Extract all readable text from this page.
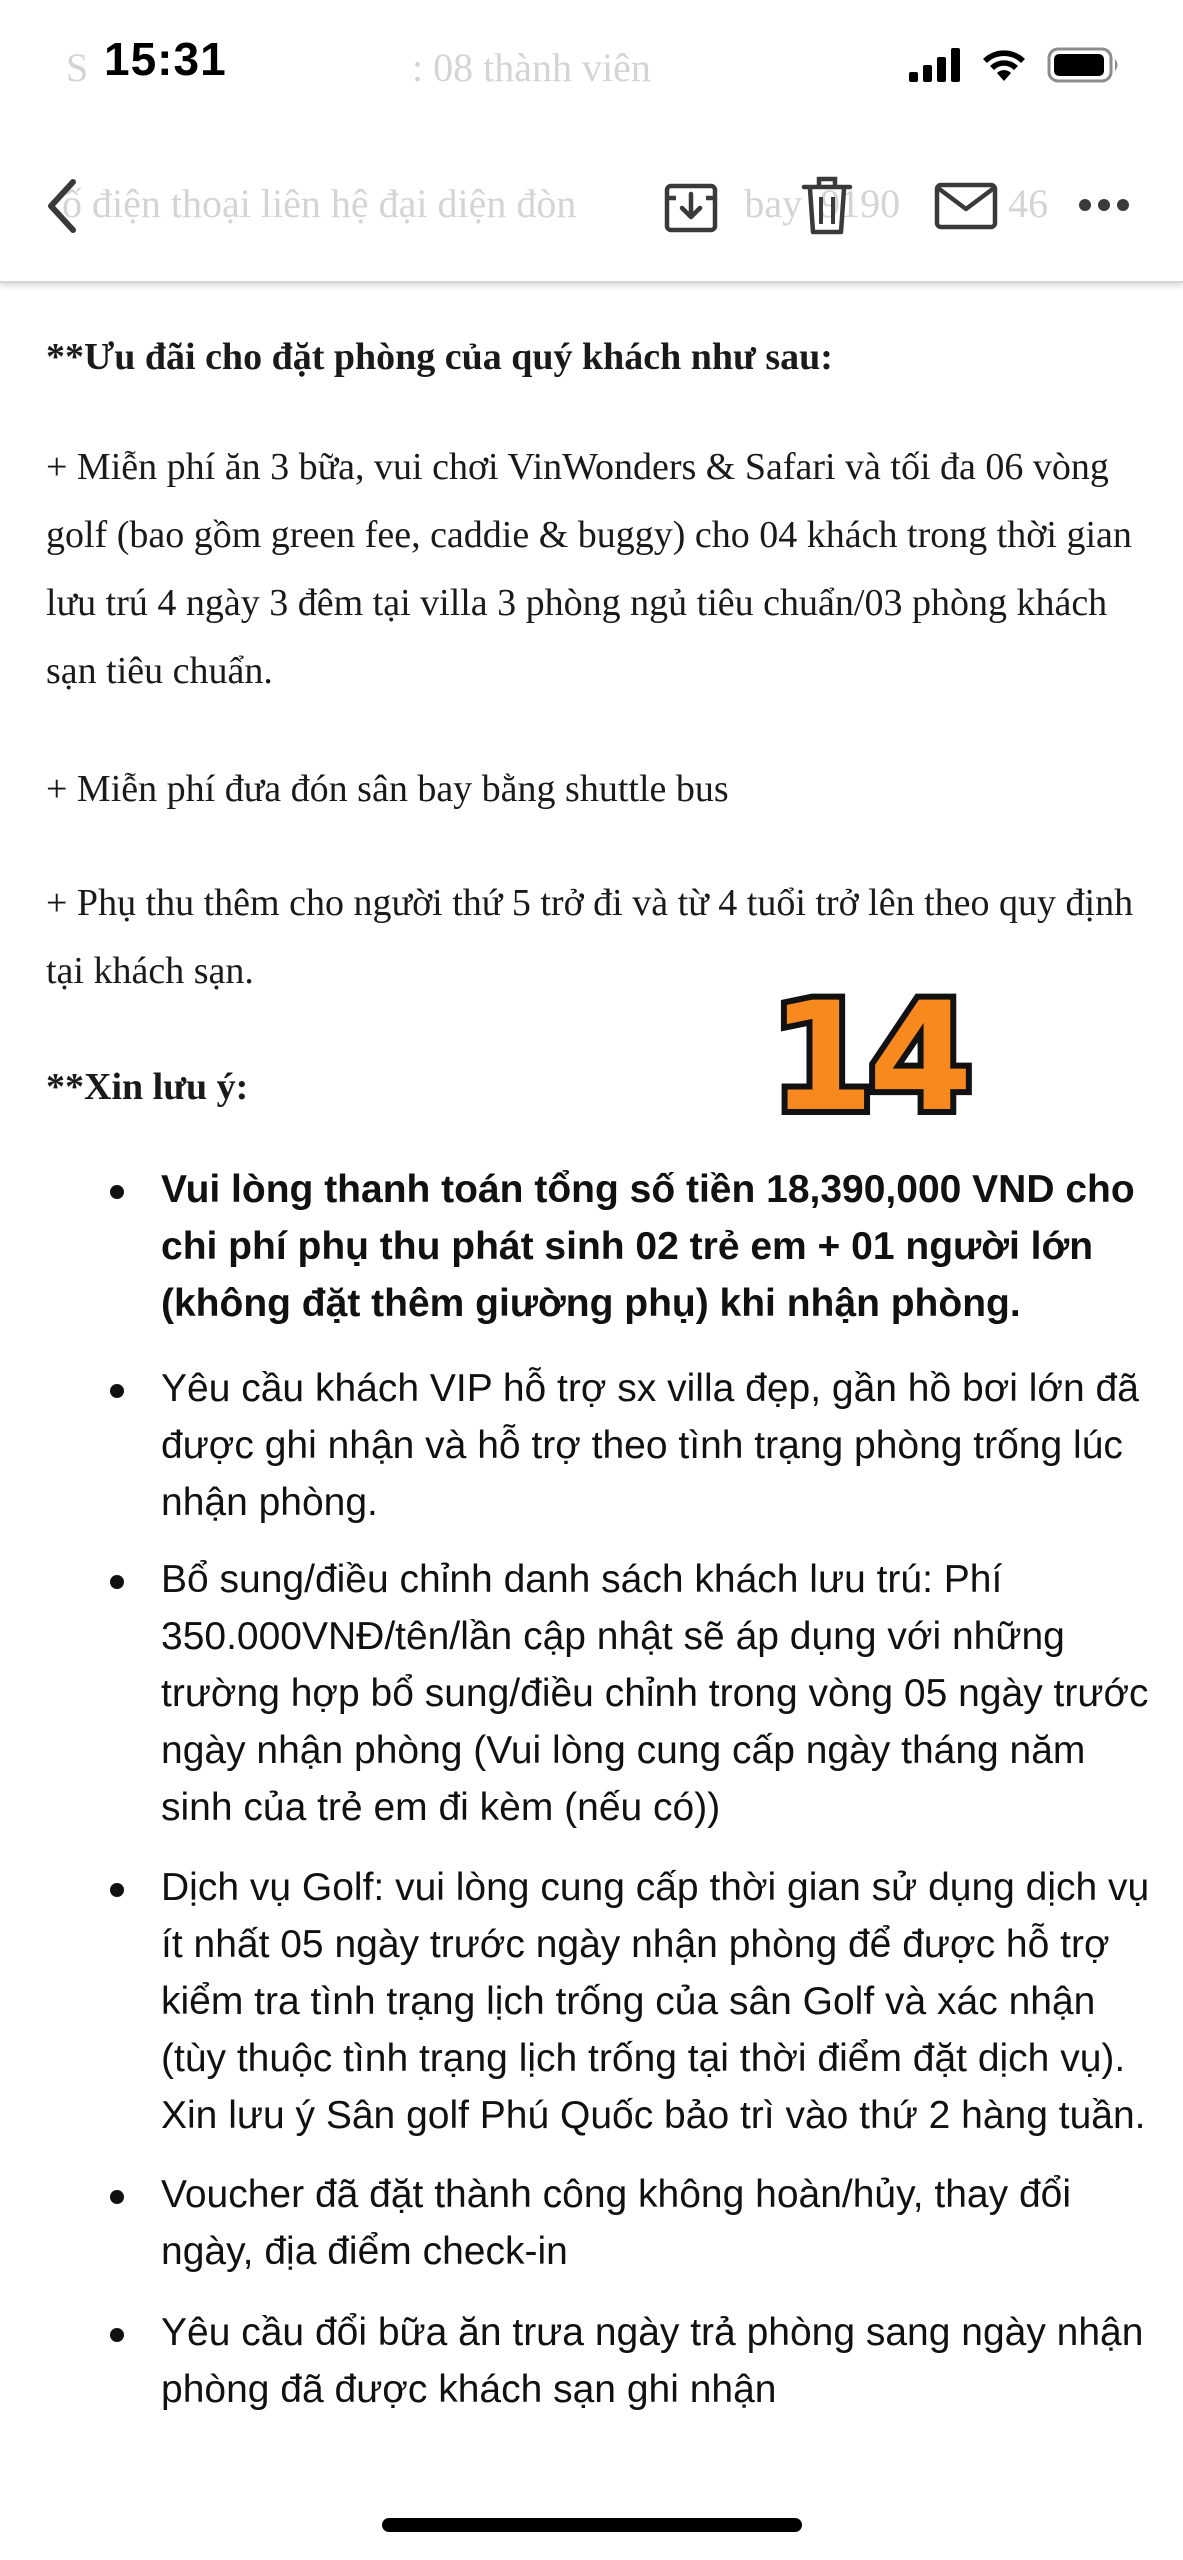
S	: 08 thành viên
ố điện thoại liên hệ đại diện đòn	bay 9190	46
15:31
**Ưu đãi cho đặt phòng của quý khách như sau:
+ Miễn phí ăn 3 bữa, vui chơi VinWonders & Safari và tối đa 06 vòng golf (bao gồm green fee, caddie & buggy) cho 04 khách trong thời gian lưu trú 4 ngày 3 đêm tại villa 3 phòng ngủ tiêu chuẩn/03 phòng khách sạn tiêu chuẩn.
+ Miễn phí đưa đón sân bay bằng shuttle bus
+ Phụ thu thêm cho người thứ 5 trở đi và từ 4 tuổi trở lên theo quy định tại khách sạn.
**Xin lưu ý:	14
Vui lòng thanh toán tổng số tiền 18,390,000 VND cho chi phí phụ thu phát sinh 02 trẻ em + 01 người lớn (không đặt thêm giường phụ) khi nhận phòng.
Yêu cầu khách VIP hỗ trợ sx villa đẹp, gần hồ bơi lớn đã được ghi nhận và hỗ trợ theo tình trạng phòng trống lúc nhận phòng.
Bổ sung/điều chỉnh danh sách khách lưu trú: Phí 350.000VNĐ/tên/lần cập nhật sẽ áp dụng với những trường hợp bổ sung/điều chỉnh trong vòng 05 ngày trước ngày nhận phòng (Vui lòng cung cấp ngày tháng năm sinh của trẻ em đi kèm (nếu có))
Dịch vụ Golf: vui lòng cung cấp thời gian sử dụng dịch vụ ít nhất 05 ngày trước ngày nhận phòng để được hỗ trợ kiểm tra tình trạng lịch trống của sân Golf và xác nhận (tùy thuộc tình trạng lịch trống tại thời điểm đặt dịch vụ). Xin lưu ý Sân golf Phú Quốc bảo trì vào thứ 2 hàng tuần.
Voucher đã đặt thành công không hoàn/hủy, thay đổi ngày, địa điểm check-in
Yêu cầu đổi bữa ăn trưa ngày trả phòng sang ngày nhận phòng đã được khách sạn ghi nhận
